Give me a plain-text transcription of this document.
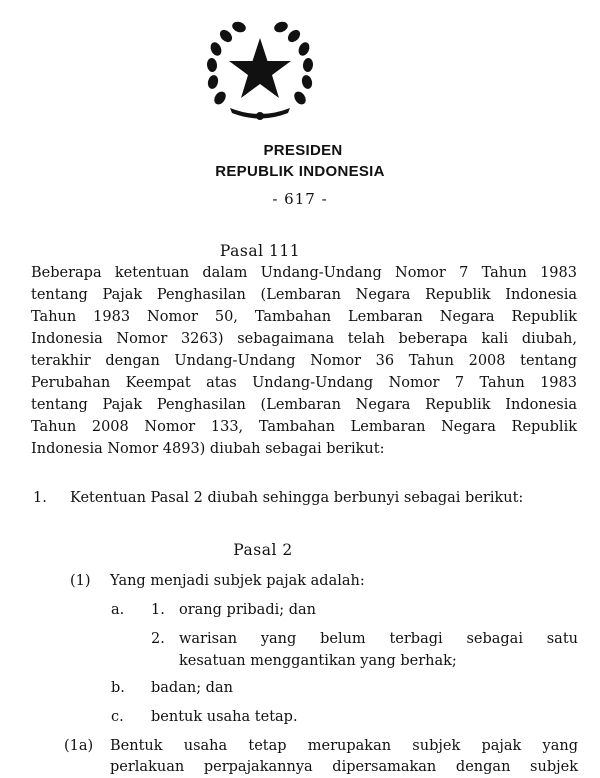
PRESIDEN
REPUBLIK INDONESIA
- 617 -
Pasal 111
Beberapa ketentuan dalam Undang-Undang Nomor 7 Tahun 1983
tentang Pajak Penghasilan (Lembaran Negara Republik Indonesia
Tahun 1983 Nomor 50, Tambahan Lembaran Negara Republik
Indonesia Nomor 3263) sebagaimana telah beberapa kali diubah,
terakhir dengan Undang-Undang Nomor 36 Tahun 2008 tentang
Perubahan Keempat atas Undang-Undang Nomor 7 Tahun 1983
tentang Pajak Penghasilan (Lembaran Negara Republik Indonesia
Tahun 2008 Nomor 133, Tambahan Lembaran Negara Republik
Indonesia Nomor 4893) diubah sebagai berikut:
1. Ketentuan Pasal 2 diubah sehingga berbunyi sebagai berikut:
Pasal 2
(1) Yang menjadi subjek pajak adalah:
a. 1. orang pribadi; dan
2. warisan yang belum terbagi sebagai satu
kesatuan menggantikan yang berhak;
b. badan; dan
c. bentuk usaha tetap.
(1a) Bentuk usaha tetap merupakan subjek pajak yang
perlakuan perpajakannya dipersamakan dengan subjek
